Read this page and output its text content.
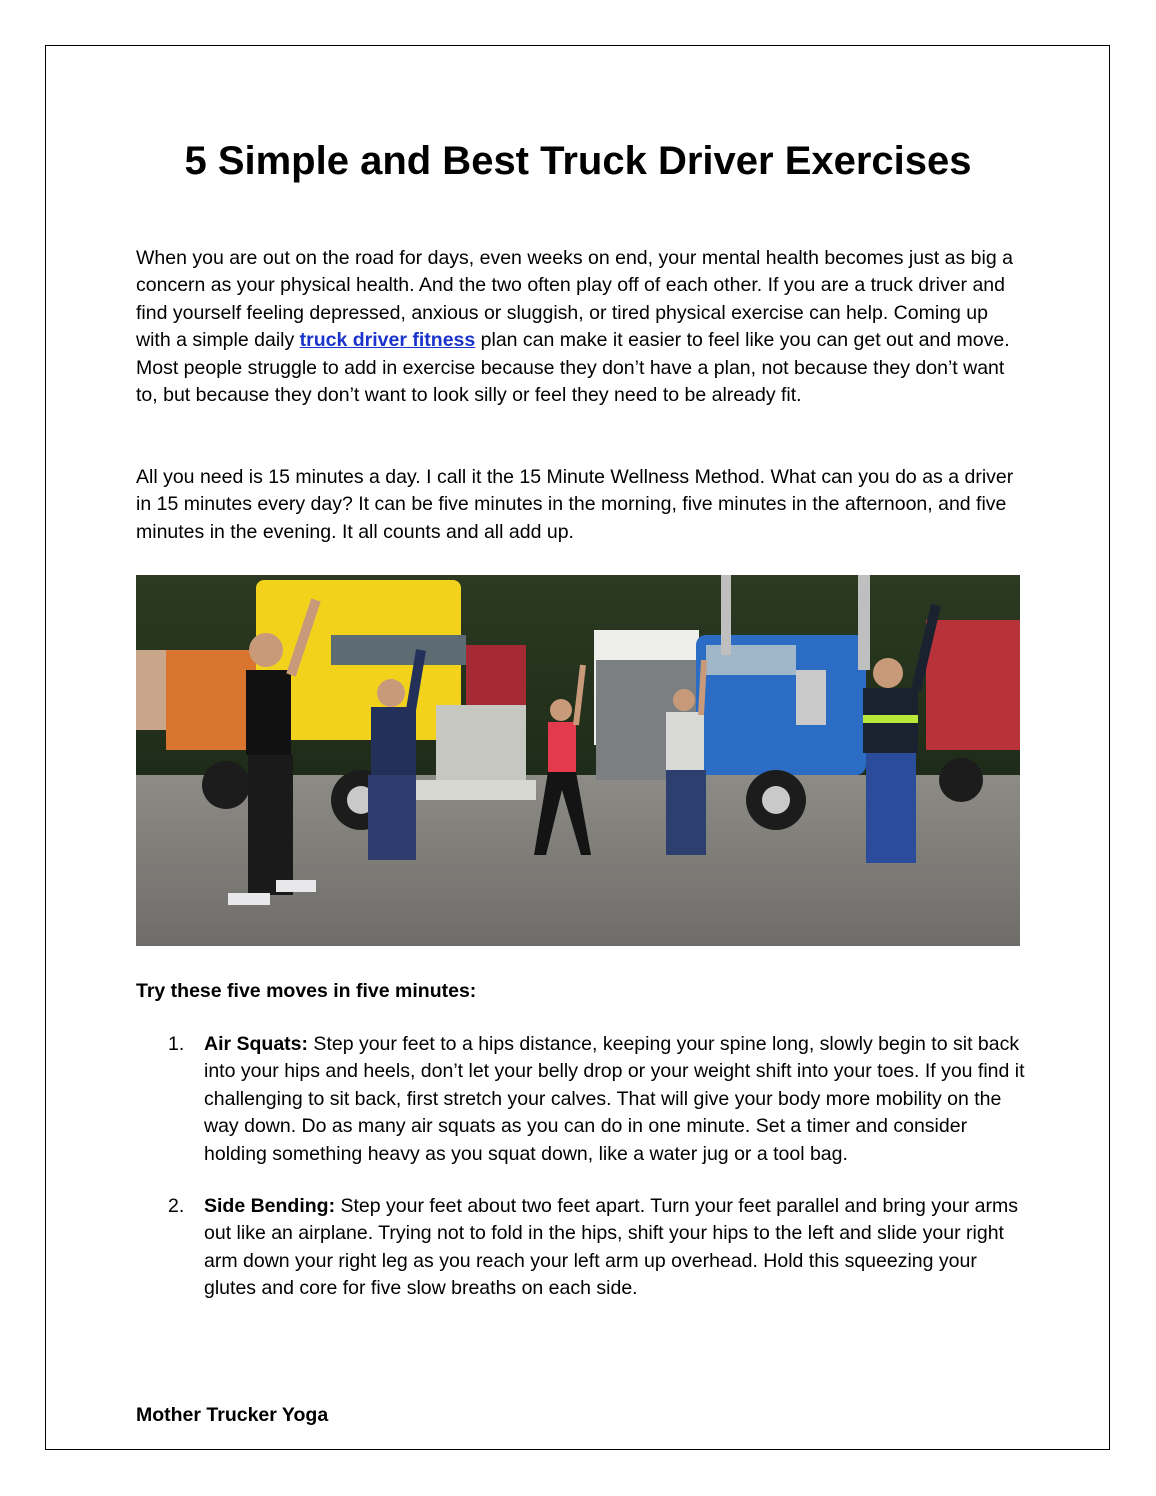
5 Simple and Best Truck Driver Exercises

When you are out on the road for days, even weeks on end, your mental health becomes just as big a concern as your physical health. And the two often play off of each other. If you are a truck driver and find yourself feeling depressed, anxious or sluggish, or tired physical exercise can help. Coming up with a simple daily truck driver fitness plan can make it easier to feel like you can get out and move. Most people struggle to add in exercise because they don’t have a plan, not because they don’t want to, but because they don’t want to look silly or feel they need to be already fit.

All you need is 15 minutes a day. I call it the 15 Minute Wellness Method. What can you do as a driver in 15 minutes every day? It can be five minutes in the morning, five minutes in the afternoon, and five minutes in the evening. It all counts and all add up.

Try these five moves in five minutes:

1. Air Squats: Step your feet to a hips distance, keeping your spine long, slowly begin to sit back into your hips and heels, don’t let your belly drop or your weight shift into your toes. If you find it challenging to sit back, first stretch your calves. That will give your body more mobility on the way down. Do as many air squats as you can do in one minute. Set a timer and consider holding something heavy as you squat down, like a water jug or a tool bag.
2. Side Bending: Step your feet about two feet apart. Turn your feet parallel and bring your arms out like an airplane. Trying not to fold in the hips, shift your hips to the left and slide your right arm down your right leg as you reach your left arm up overhead. Hold this squeezing your glutes and core for five slow breaths on each side.

Mother Trucker Yoga
